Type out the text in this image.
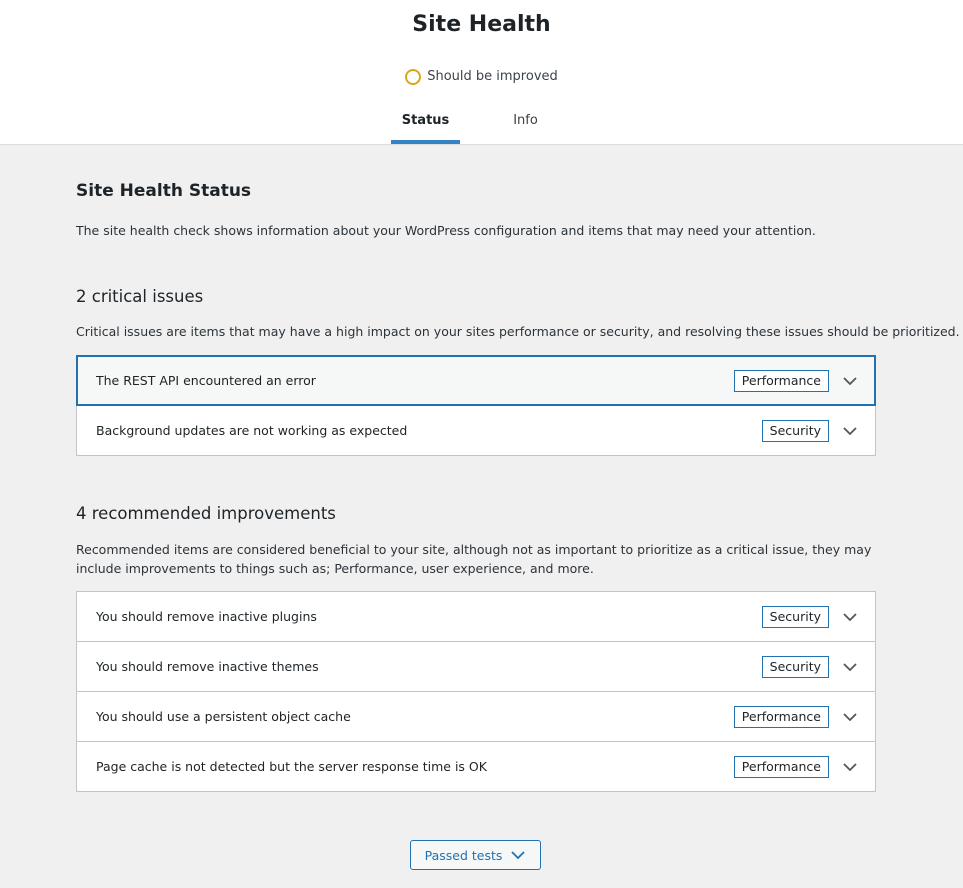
Site Health
Should be improved
Status	Info
Site Health Status

The site health check shows information about your WordPress configuration and items that may need your attention.

2 critical issues

Critical issues are items that may have a high impact on your sites performance or security, and resolving these issues should be prioritized.

The REST API encountered an error	Performance
Background updates are not working as expected	Security
4 recommended improvements

Recommended items are considered beneficial to your site, although not as important to prioritize as a critical issue, they may include improvements to things such as; Performance, user experience, and more.

You should remove inactive plugins	Security
You should remove inactive themes	Security
You should use a persistent object cache	Performance
Page cache is not detected but the server response time is OK	Performance
Passed tests
